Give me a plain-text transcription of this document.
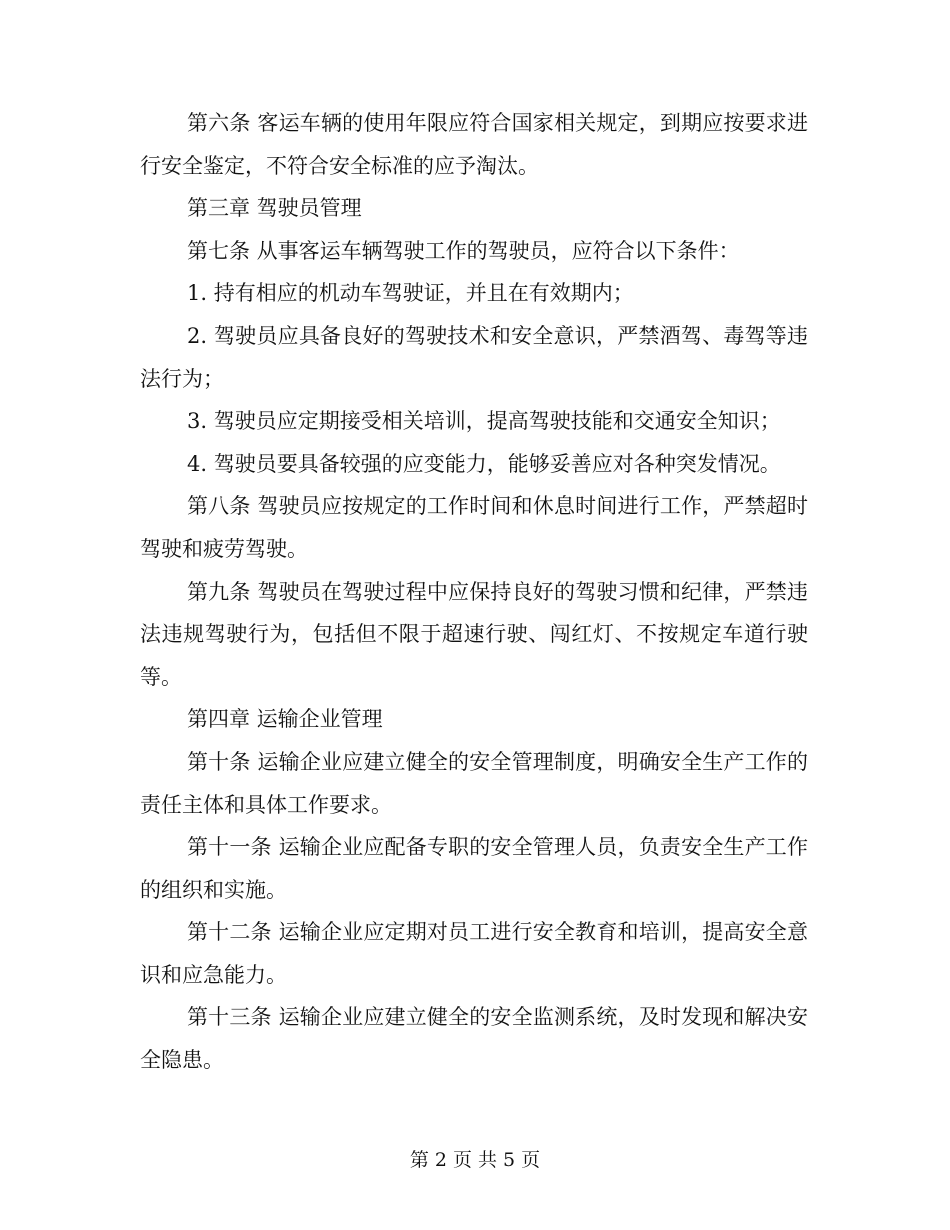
第六条 客运车辆的使用年限应符合国家相关规定，到期应按要求进行安全鉴定，不符合安全标准的应予淘汰。

第三章 驾驶员管理

第七条 从事客运车辆驾驶工作的驾驶员，应符合以下条件：

1. 持有相应的机动车驾驶证，并且在有效期内；

2. 驾驶员应具备良好的驾驶技术和安全意识，严禁酒驾、毒驾等违法行为；

3. 驾驶员应定期接受相关培训，提高驾驶技能和交通安全知识；

4. 驾驶员要具备较强的应变能力，能够妥善应对各种突发情况。

第八条 驾驶员应按规定的工作时间和休息时间进行工作，严禁超时驾驶和疲劳驾驶。

第九条 驾驶员在驾驶过程中应保持良好的驾驶习惯和纪律，严禁违法违规驾驶行为，包括但不限于超速行驶、闯红灯、不按规定车道行驶等。

第四章 运输企业管理

第十条 运输企业应建立健全的安全管理制度，明确安全生产工作的责任主体和具体工作要求。

第十一条 运输企业应配备专职的安全管理人员，负责安全生产工作的组织和实施。

第十二条 运输企业应定期对员工进行安全教育和培训，提高安全意识和应急能力。

第十三条 运输企业应建立健全的安全监测系统，及时发现和解决安全隐患。

第 2 页 共 5 页
